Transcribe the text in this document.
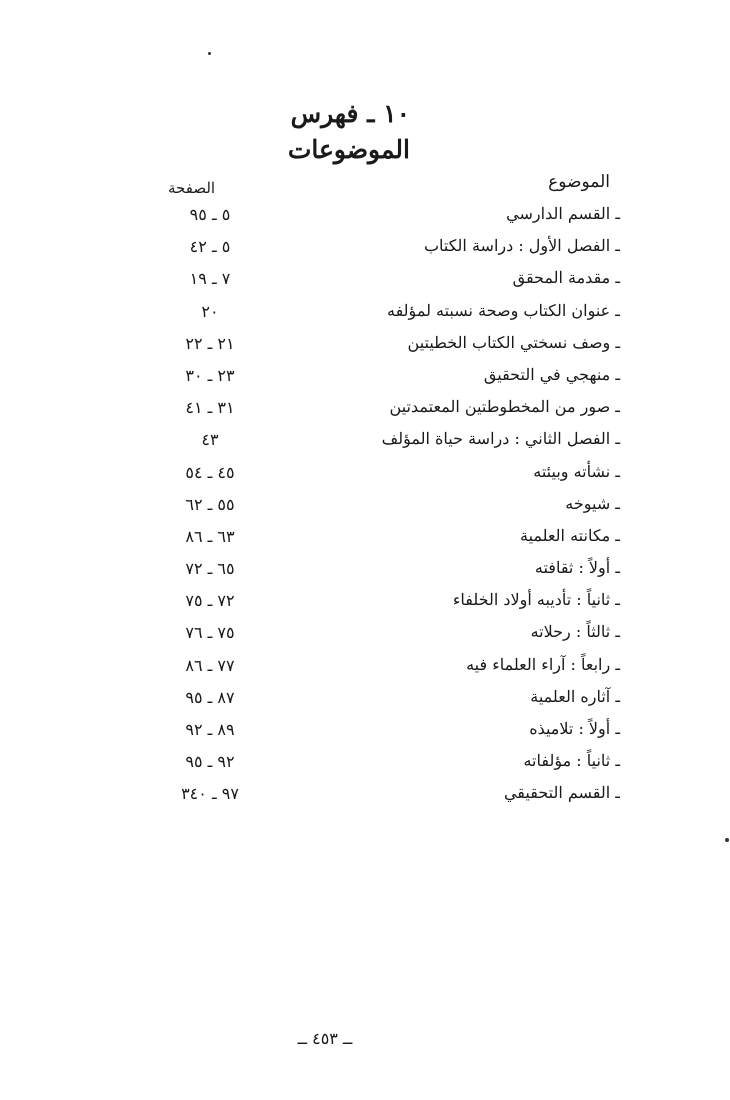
١٠ ـ فهرس الموضوعات
الموضوع
الصفحة
ـ القسم الدارسي
٥ ـ ٩٥
ـ الفصل الأول : دراسة الكتاب
٥ ـ ٤٢
ـ مقدمة المحقق
٧ ـ ١٩
ـ عنوان الكتاب وصحة نسبته لمؤلفه
٢٠
ـ وصف نسختي الكتاب الخطيتين
٢١ ـ ٢٢
ـ منهجي في التحقيق
٢٣ ـ ٣٠
ـ صور من المخطوطتين المعتمدتين
٣١ ـ ٤١
ـ الفصل الثاني : دراسة حياة المؤلف
٤٣
ـ نشأته وبيئته
٤٥ ـ ٥٤
ـ شيوخه
٥٥ ـ ٦٢
ـ مكانته العلمية
٦٣ ـ ٨٦
ـ أولاً : ثقافته
٦٥ ـ ٧٢
ـ ثانياً : تأديبه أولاد الخلفاء
٧٢ ـ ٧٥
ـ ثالثاً : رحلاته
٧٥ ـ ٧٦
ـ رابعاً : آراء العلماء فيه
٧٧ ـ ٨٦
ـ آثاره العلمية
٨٧ ـ ٩٥
ـ أولاً : تلاميذه
٨٩ ـ ٩٢
ـ ثانياً : مؤلفاته
٩٢ ـ ٩٥
ـ القسم التحقيقي
٩٧ ـ ٣٤٠
ــ ٤٥٣ ــ
